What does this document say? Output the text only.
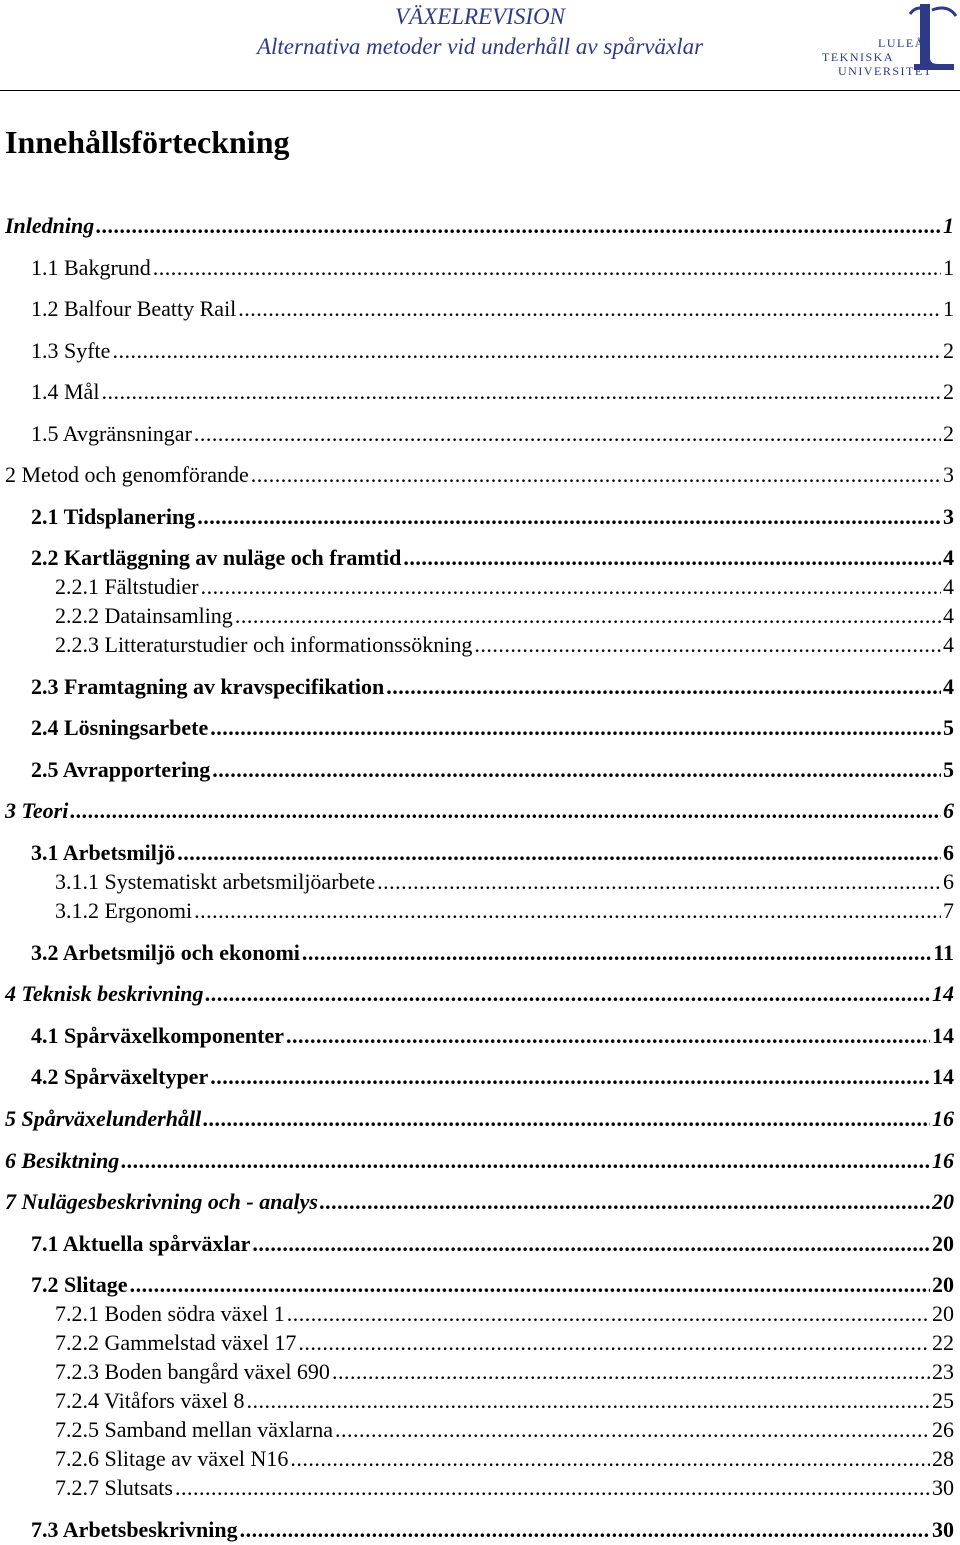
VÄXELREVISION
Alternativa metoder vid underhåll av spårväxlar	LULEÅ
TEKNISKA
UNIVERSITET
Innehållsförteckning
Inledning .....	1
1.1 Bakgrund .....	1
1.2 Balfour Beatty Rail .....	1
1.3 Syfte .....	2
1.4 Mål .....	2
1.5 Avgränsningar .....	2
2 Metod och genomförande .....	3
2.1 Tidsplanering .....	3
2.2 Kartläggning av nuläge och framtid .....	4
2.2.1 Fältstudier .....	4
2.2.2 Datainsamling .....	4
2.2.3 Litteraturstudier och informationssökning .....	4
2.3 Framtagning av kravspecifikation .....	4
2.4 Lösningsarbete .....	5
2.5 Avrapportering .....	5
3 Teori .....	6
3.1 Arbetsmiljö .....	6
3.1.1 Systematiskt arbetsmiljöarbete .....	6
3.1.2 Ergonomi .....	7
3.2 Arbetsmiljö och ekonomi .....	11
4 Teknisk beskrivning .....	14
4.1 Spårväxelkomponenter .....	14
4.2 Spårväxeltyper .....	14
5 Spårväxelunderhåll .....	16
6 Besiktning .....	16
7 Nulägesbeskrivning och - analys .....	20
7.1 Aktuella spårväxlar .....	20
7.2 Slitage .....	20
7.2.1 Boden södra växel 1 .....	20
7.2.2 Gammelstad växel 17 .....	22
7.2.3 Boden bangård växel 690 .....	23
7.2.4 Vitåfors växel 8 .....	25
7.2.5 Samband mellan växlarna .....	26
7.2.6 Slitage av växel N16 .....	28
7.2.7 Slutsats .....	30
7.3 Arbetsbeskrivning .....	30
